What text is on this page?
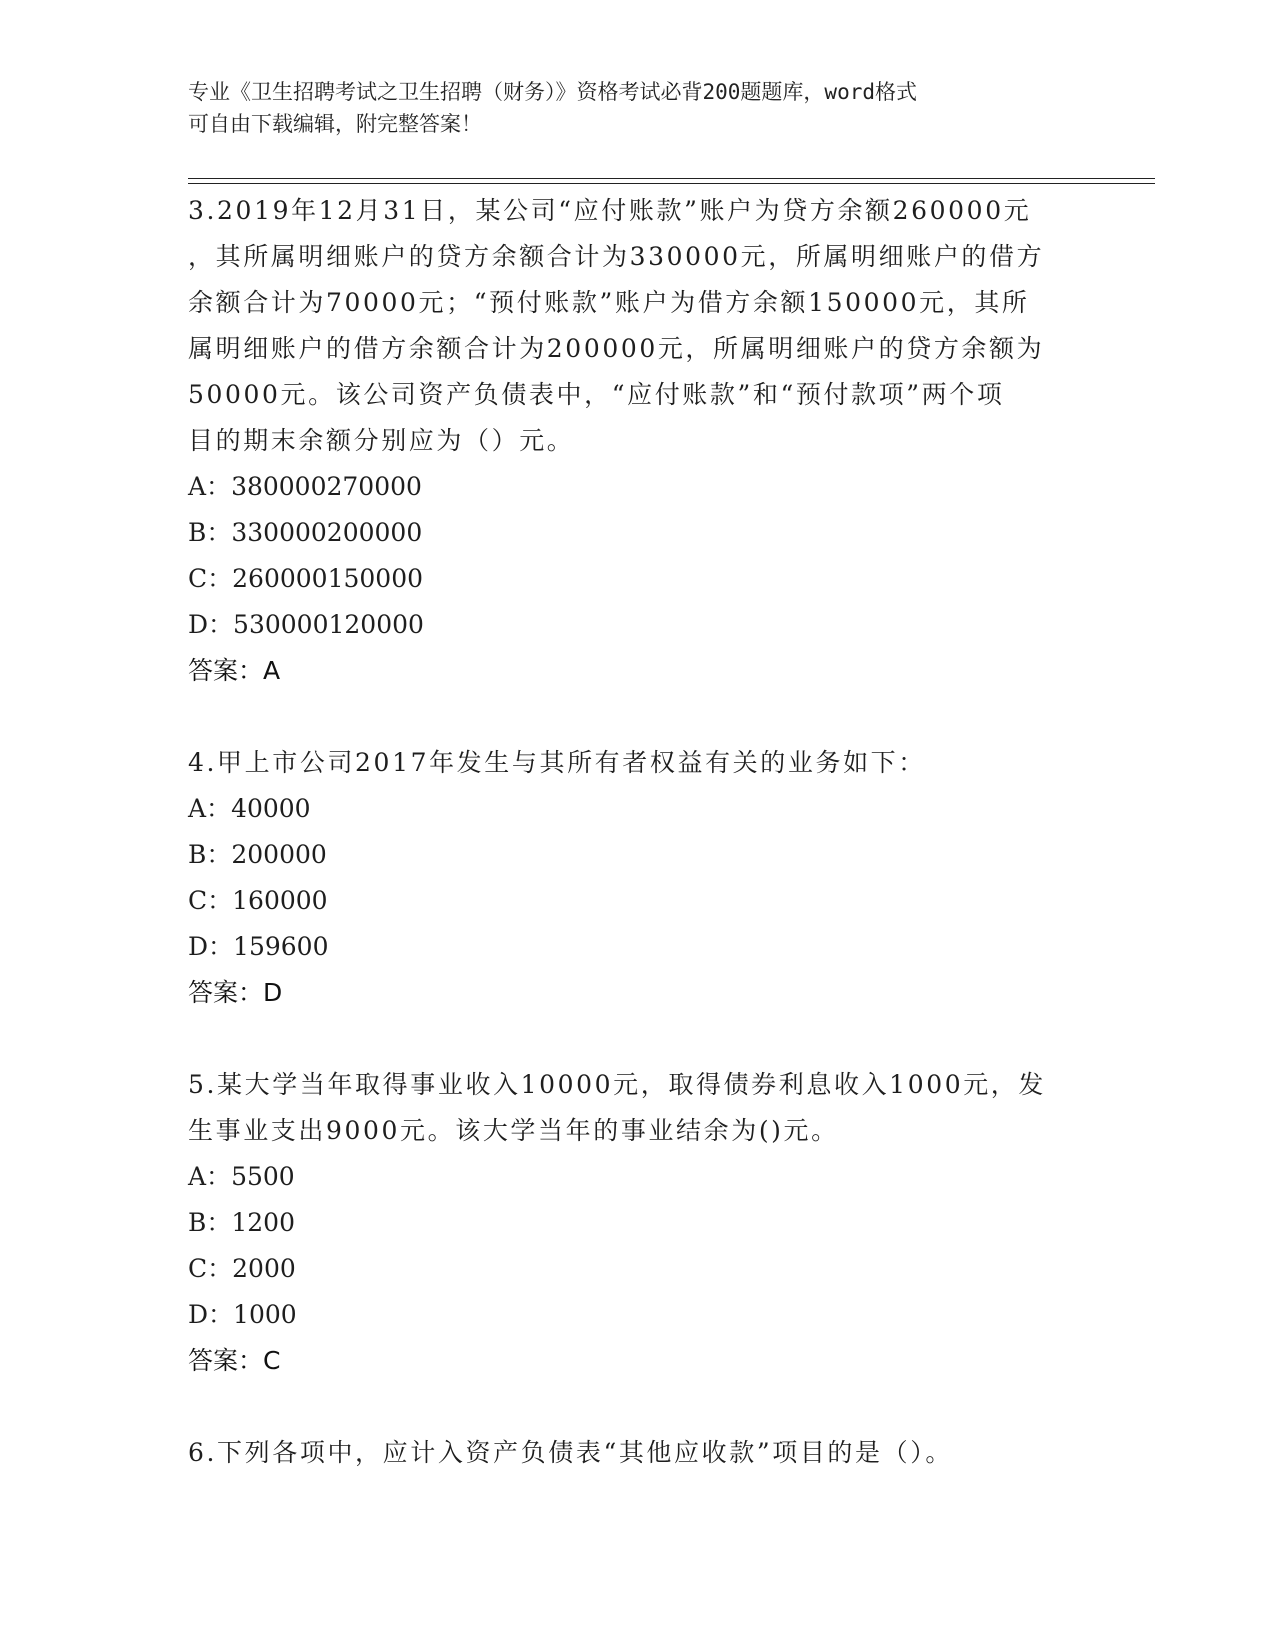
专业《卫生招聘考试之卫生招聘（财务）》资格考试必背200题题库，word格式
可自由下载编辑，附完整答案！

3.2019年12月31日，某公司“应付账款”账户为贷方余额260000元

，其所属明细账户的贷方余额合计为330000元，所属明细账户的借方

余额合计为70000元；“预付账款”账户为借方余额150000元，其所

属明细账户的借方余额合计为200000元，所属明细账户的贷方余额为

50000元。该公司资产负债表中，“应付账款”和“预付款项”两个项

目的期末余额分别应为（）元。

A：380000270000

B：330000200000

C：260000150000

D：530000120000

答案：A

4.甲上市公司2017年发生与其所有者权益有关的业务如下：

A：40000

B：200000

C：160000

D：159600

答案：D

5.某大学当年取得事业收入10000元，取得债券利息收入1000元，发

生事业支出9000元。该大学当年的事业结余为()元。

A：5500

B：1200

C：2000

D：1000

答案：C

6.下列各项中，应计入资产负债表“其他应收款”项目的是（）。
